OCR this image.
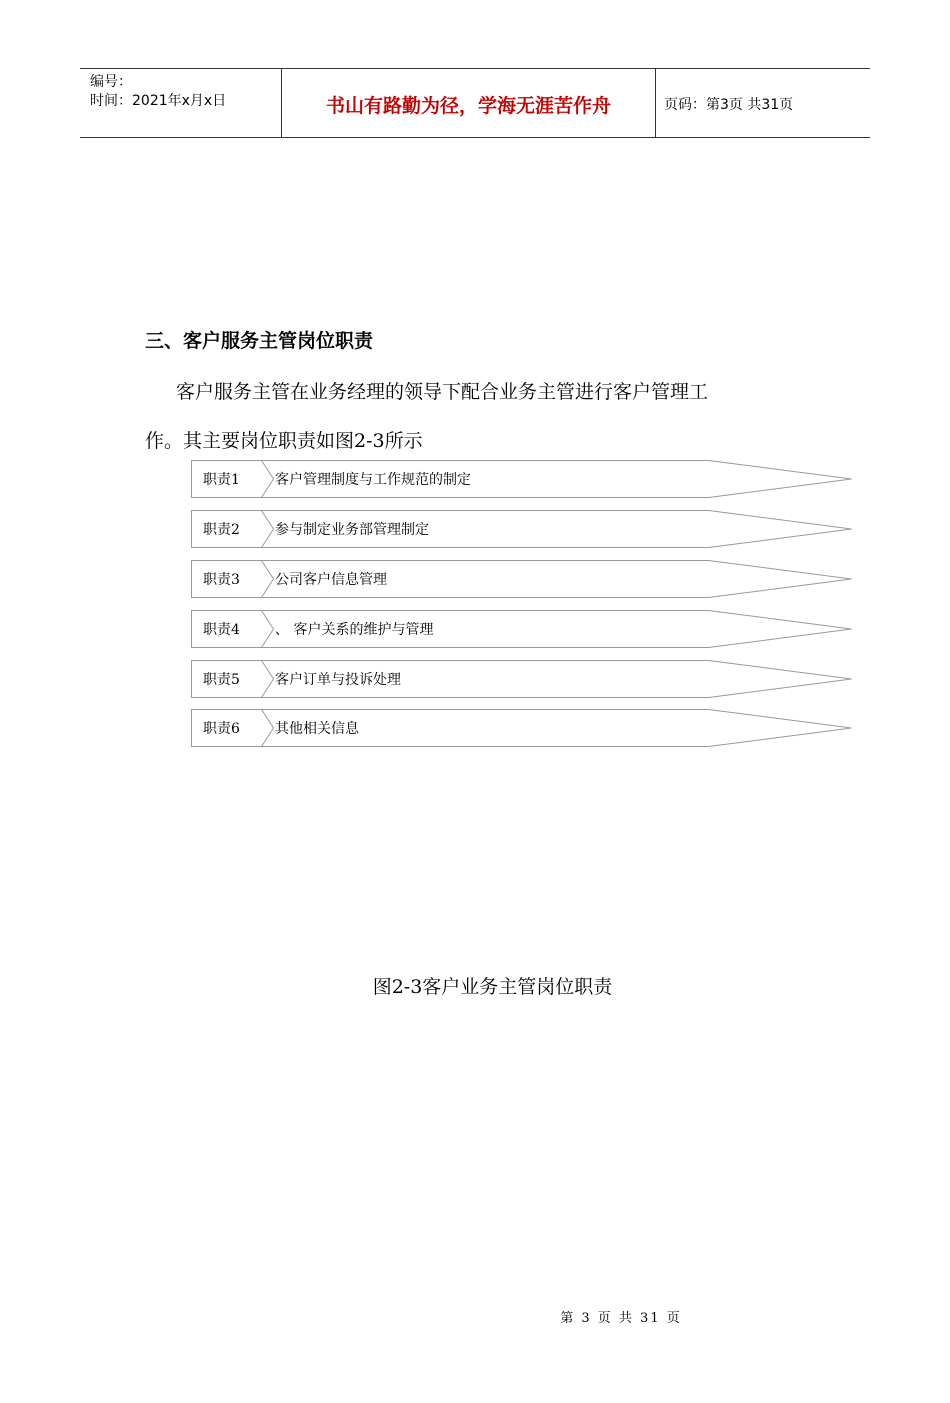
编号：
时间：2021年x月x日	书山有路勤为径，学海无涯苦作舟	页码：第3页 共31页
三、客户服务主管岗位职责
客户服务主管在业务经理的领导下配合业务主管进行客户管理工
作。其主要岗位职责如图2-3所示
职责1	客户管理制度与工作规范的制定
职责2	参与制定业务部管理制定
职责3	公司客户信息管理
职责4	、 客户关系的维护与管理
职责5	客户订单与投诉处理
职责6	其他相关信息
图2-3客户业务主管岗位职责
第 3 页 共 31 页
